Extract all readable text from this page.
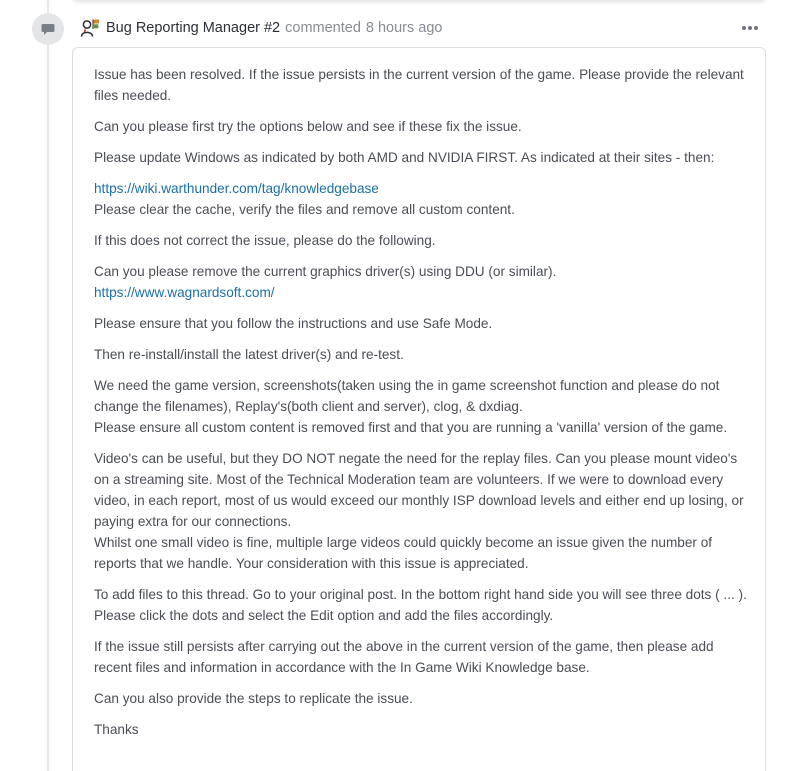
Bug Reporting Manager #2 commented 8 hours ago

Issue has been resolved. If the issue persists in the current version of the game. Please provide the relevant files needed.

Can you please first try the options below and see if these fix the issue.

Please update Windows as indicated by both AMD and NVIDIA FIRST. As indicated at their sites - then:

https://wiki.warthunder.com/tag/knowledgebase
Please clear the cache, verify the files and remove all custom content.

If this does not correct the issue, please do the following.

Can you please remove the current graphics driver(s) using DDU (or similar).
https://www.wagnardsoft.com/

Please ensure that you follow the instructions and use Safe Mode.

Then re-install/install the latest driver(s) and re-test.

We need the game version, screenshots(taken using the in game screenshot function and please do not change the filenames), Replay's(both client and server), clog, & dxdiag.
Please ensure all custom content is removed first and that you are running a 'vanilla' version of the game.

Video's can be useful, but they DO NOT negate the need for the replay files. Can you please mount video's on a streaming site. Most of the Technical Moderation team are volunteers. If we were to download every video, in each report, most of us would exceed our monthly ISP download levels and either end up losing, or paying extra for our connections.
Whilst one small video is fine, multiple large videos could quickly become an issue given the number of reports that we handle. Your consideration with this issue is appreciated.

To add files to this thread. Go to your original post. In the bottom right hand side you will see three dots ( ... ). Please click the dots and select the Edit option and add the files accordingly.

If the issue still persists after carrying out the above in the current version of the game, then please add recent files and information in accordance with the In Game Wiki Knowledge base.

Can you also provide the steps to replicate the issue.

Thanks
